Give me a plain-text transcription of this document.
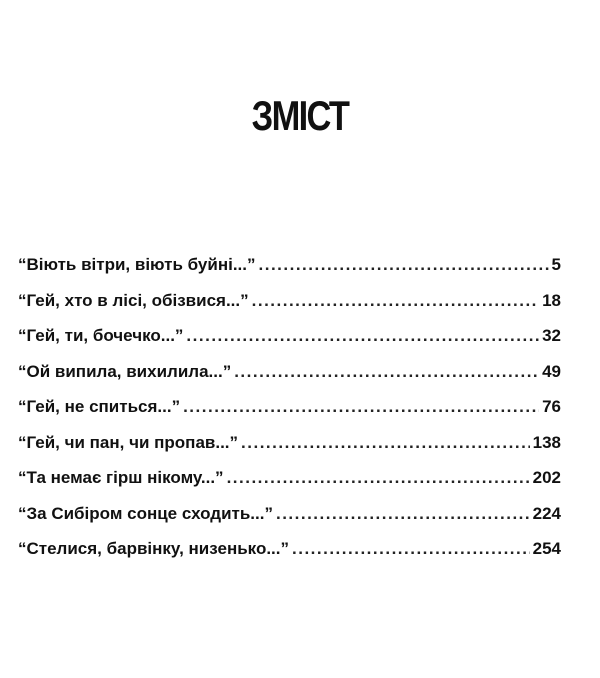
ЗМІСТ
“Віють вітри, віють буйні...” .....	5
“Гей, хто в лісі, обізвися...” .....	18
“Гей, ти, бочечко...” .....	32
“Ой випила, вихилила...” .....	49
“Гей, не спиться...” .....	76
“Гей, чи пан, чи пропав...” .....	138
“Та немає гірш нікому...” .....	202
“За Сибіром сонце сходить...” .....	224
“Стелися, барвінку, низенько...” .....	254
